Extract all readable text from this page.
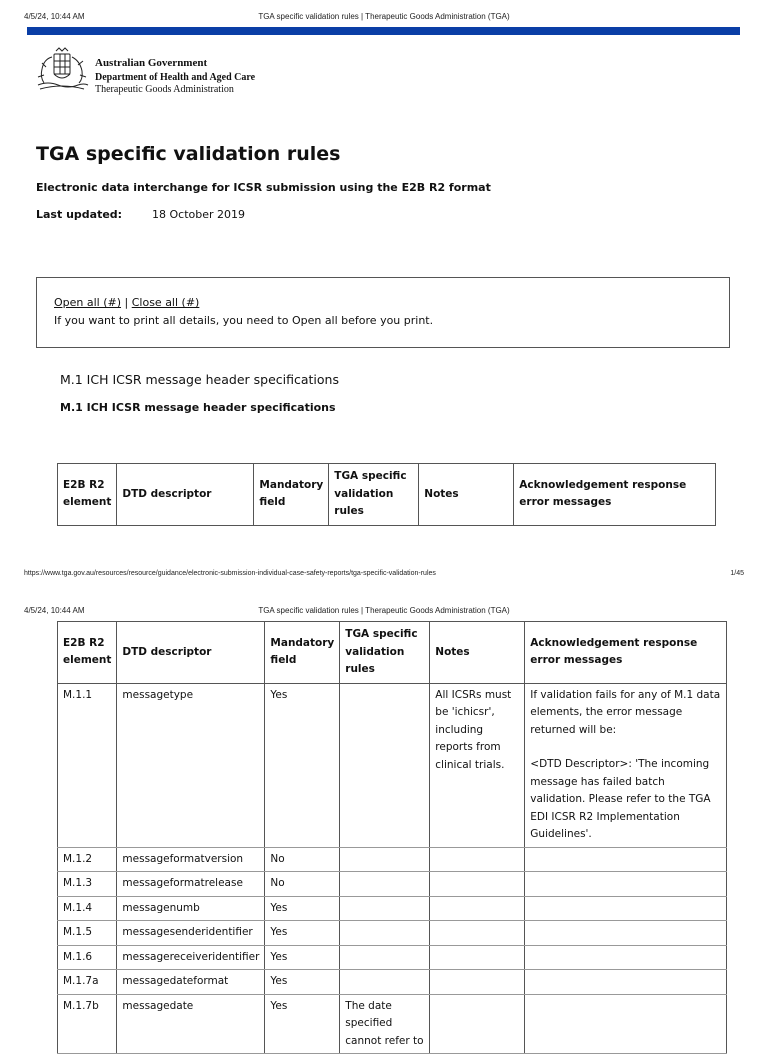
4/5/24, 10:44 AM	TGA specific validation rules | Therapeutic Goods Administration (TGA)
Australian Government
Department of Health and Aged Care
Therapeutic Goods Administration
TGA specific validation rules
Electronic data interchange for ICSR submission using the E2B R2 format
Last updated:	18 October 2019
Open all (#) | Close all (#)
If you want to print all details, you need to Open all before you print.
M.1 ICH ICSR message header specifications
M.1 ICH ICSR message header specifications
E2B R2 element	DTD descriptor	Mandatory field	TGA specific validation rules	Notes	Acknowledgement response error messages
https://www.tga.gov.au/resources/resource/guidance/electronic-submission-individual-case-safety-reports/tga-specific-validation-rules	1/45
4/5/24, 10:44 AM	TGA specific validation rules | Therapeutic Goods Administration (TGA)
E2B R2 element	DTD descriptor	Mandatory field	TGA specific validation rules	Notes	Acknowledgement response error messages
M.1.1	messagetype	Yes		All ICSRs must be 'ichicsr', including reports from clinical trials.	If validation fails for any of M.1 data elements, the error message returned will be:

<DTD Descriptor>: 'The incoming message has failed batch validation. Please refer to the TGA EDI ICSR R2 Implementation Guidelines'.

M.1.2	messageformatversion	No			
M.1.3	messageformatrelease	No			
M.1.4	messagenumb	Yes			
M.1.5	messagesenderidentifier	Yes			
M.1.6	messagereceiveridentifier	Yes			
M.1.7a	messagedateformat	Yes			
M.1.7b	messagedate	Yes	The date specified cannot refer to		
